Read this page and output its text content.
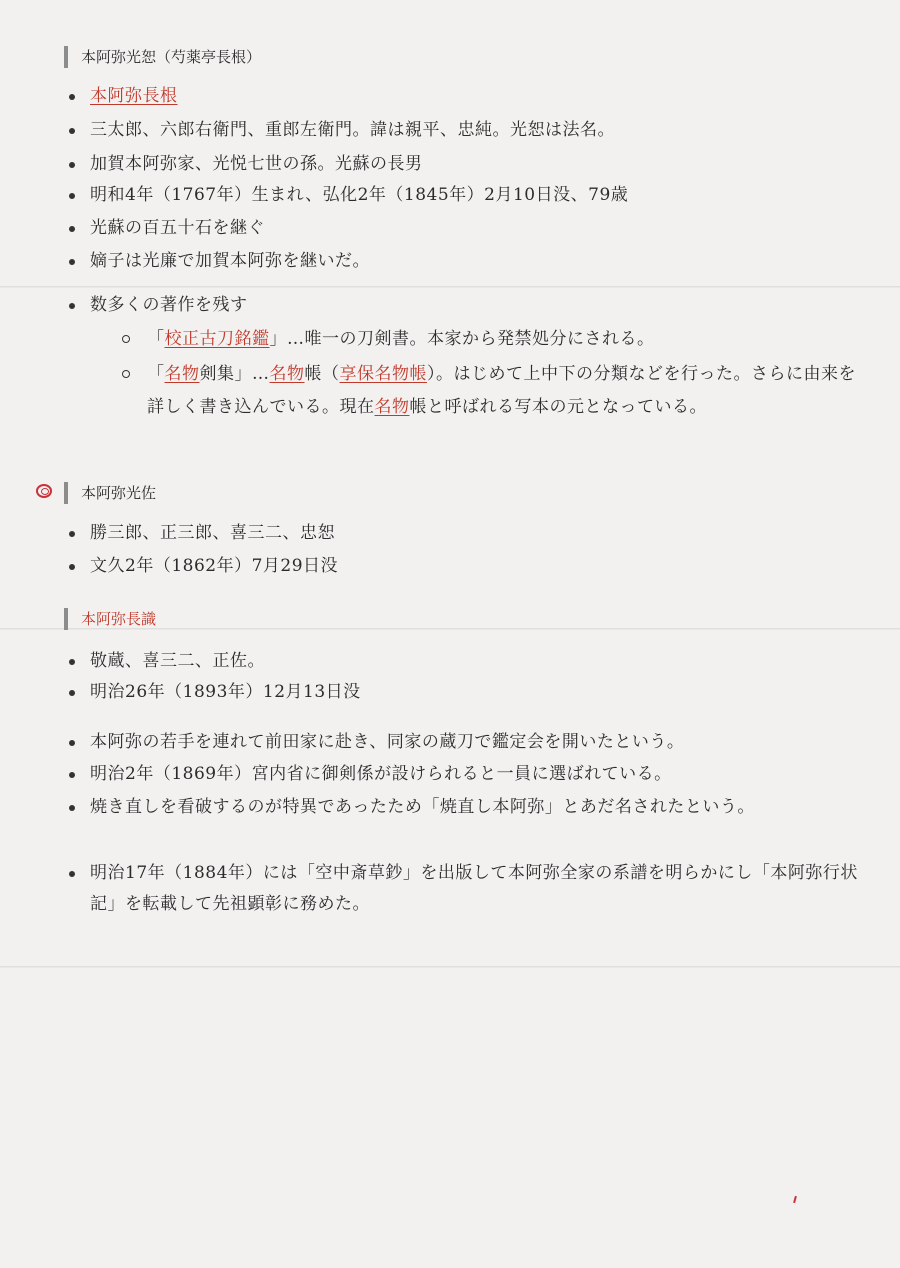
本阿弥光恕（芍薬亭長根）
本阿弥長根
三太郎、六郎右衛門、重郎左衛門。諱は親平、忠純。光恕は法名。
加賀本阿弥家、光悦七世の孫。光蘇の長男
明和4年（1767年）生まれ、弘化2年（1845年）2月10日没、79歳
光蘇の百五十石を継ぐ
嫡子は光廉で加賀本阿弥を継いだ。
数多くの著作を残す
「校正古刀銘鑑」…唯一の刀剣書。本家から発禁処分にされる。
「名物剣集」…名物帳（享保名物帳）。はじめて上中下の分類などを行った。さらに由来を詳しく書き込んでいる。現在名物帳と呼ばれる写本の元となっている。
本阿弥光佐
勝三郎、正三郎、喜三二、忠恕
文久2年（1862年）7月29日没
本阿弥長識
敬蔵、喜三二、正佐。
明治26年（1893年）12月13日没
本阿弥の若手を連れて前田家に赴き、同家の蔵刀で鑑定会を開いたという。
明治2年（1869年）宮内省に御剣係が設けられると一員に選ばれている。
焼き直しを看破するのが特異であったため「焼直し本阿弥」とあだ名されたという。
明治17年（1884年）には「空中斎草鈔」を出版して本阿弥全家の系譜を明らかにし「本阿弥行状記」を転載して先祖顕彰に務めた。
